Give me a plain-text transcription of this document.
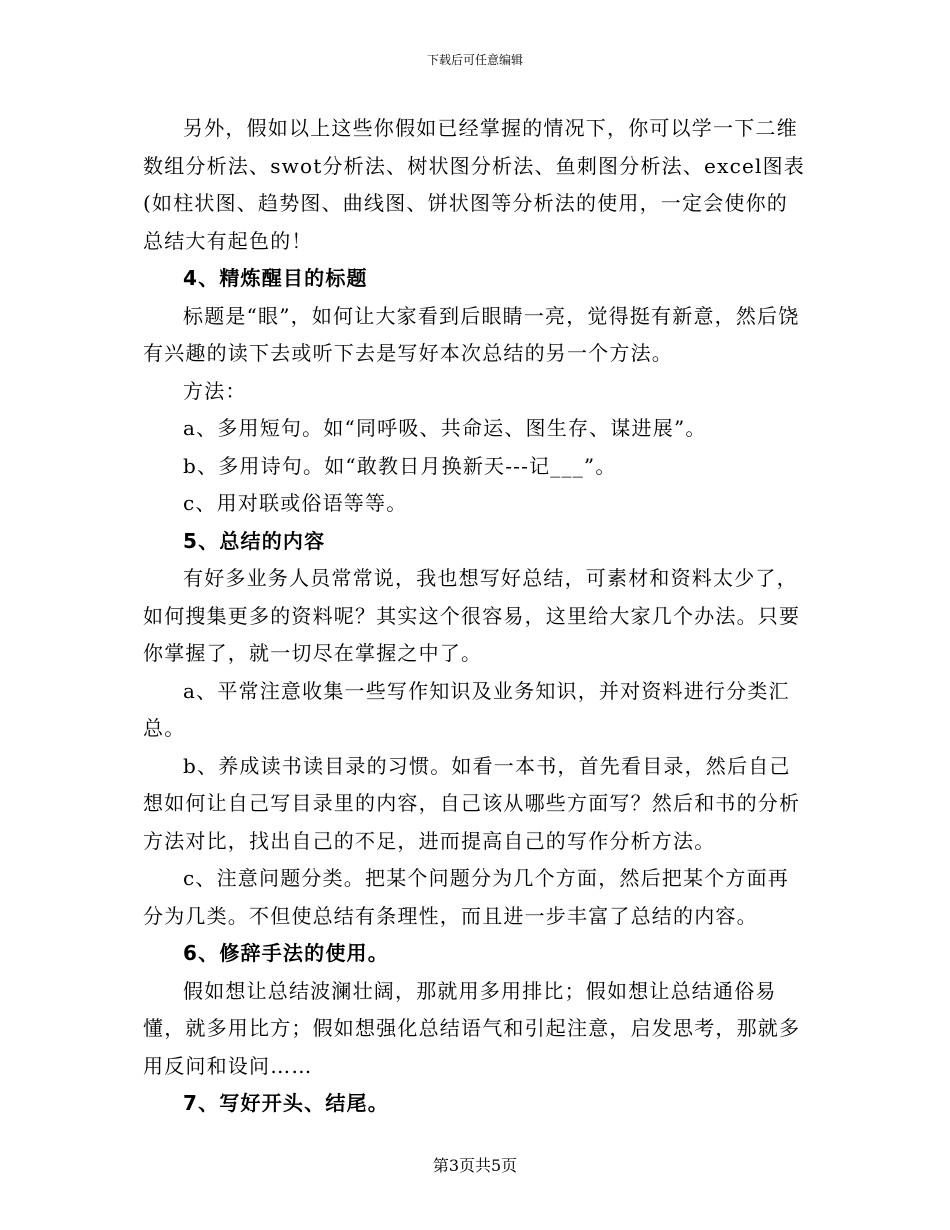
下载后可任意编辑

另外，假如以上这些你假如已经掌握的情况下，你可以学一下二维数组分析法、swot分析法、树状图分析法、鱼刺图分析法、excel图表(如柱状图、趋势图、曲线图、饼状图等分析法的使用，一定会使你的总结大有起色的！

4、精炼醒目的标题

标题是“眼”，如何让大家看到后眼睛一亮，觉得挺有新意，然后饶有兴趣的读下去或听下去是写好本次总结的另一个方法。

方法：

a、多用短句。如“同呼吸、共命运、图生存、谋进展”。

b、多用诗句。如“敢教日月换新天---记___”。

c、用对联或俗语等等。

5、总结的内容

有好多业务人员常常说，我也想写好总结，可素材和资料太少了，如何搜集更多的资料呢？其实这个很容易，这里给大家几个办法。只要你掌握了，就一切尽在掌握之中了。

a、平常注意收集一些写作知识及业务知识，并对资料进行分类汇总。

b、养成读书读目录的习惯。如看一本书，首先看目录，然后自己想如何让自己写目录里的内容，自己该从哪些方面写？然后和书的分析方法对比，找出自己的不足，进而提高自己的写作分析方法。

c、注意问题分类。把某个问题分为几个方面，然后把某个方面再分为几类。不但使总结有条理性，而且进一步丰富了总结的内容。

6、修辞手法的使用。

假如想让总结波澜壮阔，那就用多用排比；假如想让总结通俗易懂，就多用比方；假如想强化总结语气和引起注意，启发思考，那就多用反问和设问……

7、写好开头、结尾。

第3页共5页
